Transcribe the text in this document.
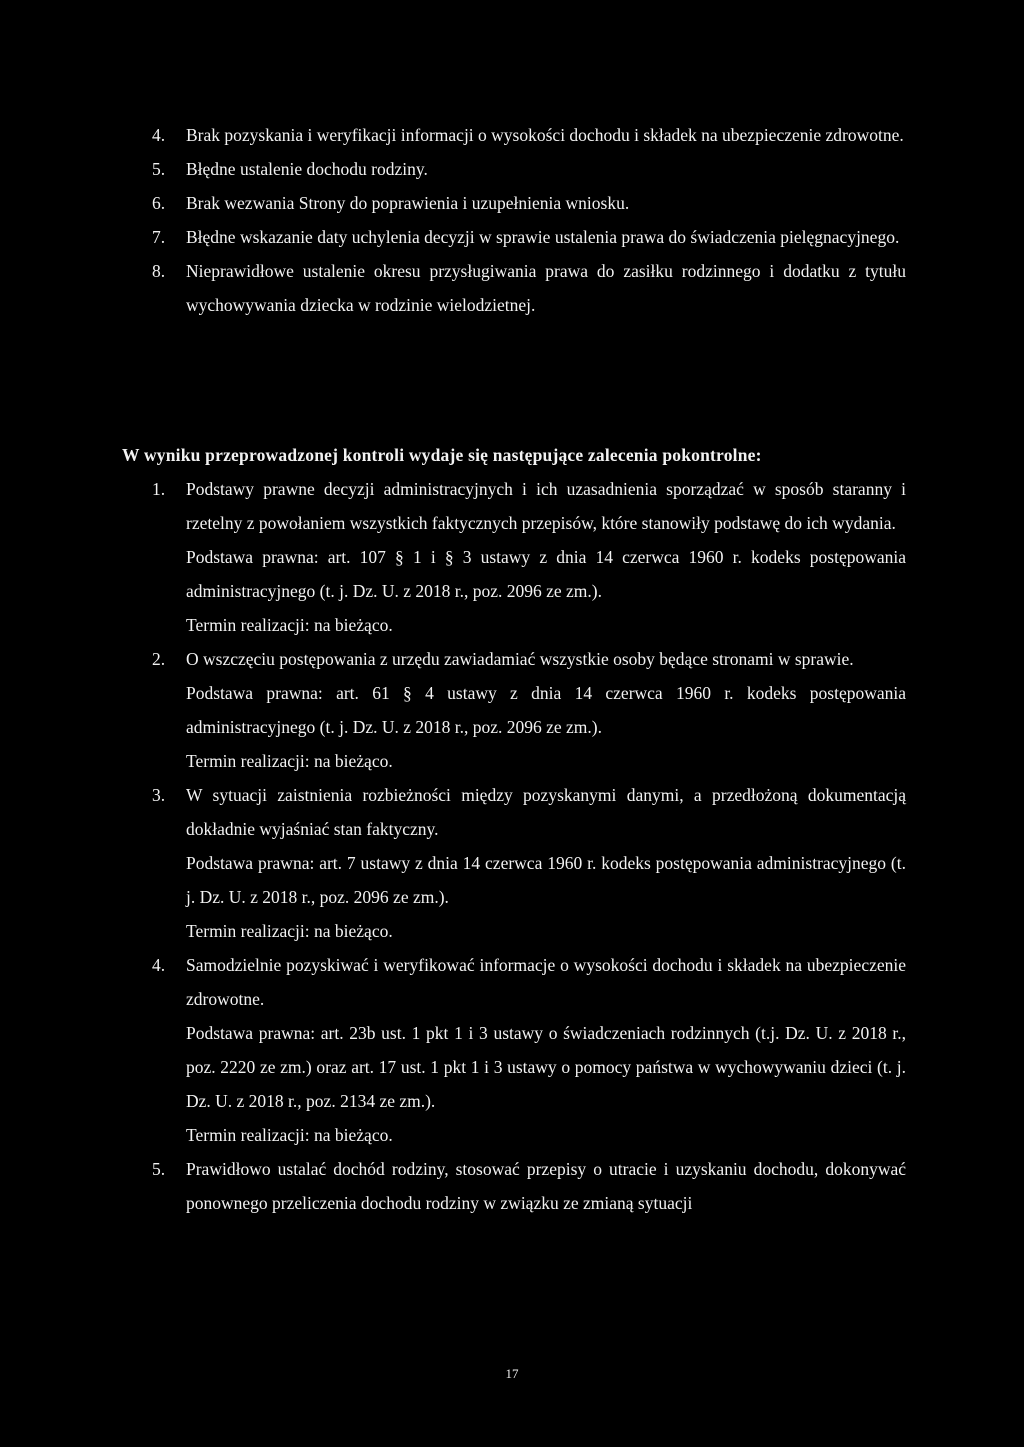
4. Brak pozyskania i weryfikacji informacji o wysokości dochodu i składek na ubezpieczenie zdrowotne.
5. Błędne ustalenie dochodu rodziny.
6. Brak wezwania Strony do poprawienia i uzupełnienia wniosku.
7. Błędne wskazanie daty uchylenia decyzji w sprawie ustalenia prawa do świadczenia pielęgnacyjnego.
8. Nieprawidłowe ustalenie okresu przysługiwania prawa do zasiłku rodzinnego i dodatku z tytułu wychowywania dziecka w rodzinie wielodzietnej.
W wyniku przeprowadzonej kontroli wydaje się następujące zalecenia pokontrolne:
1. Podstawy prawne decyzji administracyjnych i ich uzasadnienia sporządzać w sposób staranny i rzetelny z powołaniem wszystkich faktycznych przepisów, które stanowiły podstawę do ich wydania.
Podstawa prawna: art. 107 § 1 i § 3 ustawy z dnia 14 czerwca 1960 r. kodeks postępowania administracyjnego (t. j. Dz. U. z 2018 r., poz. 2096 ze zm.).
Termin realizacji: na bieżąco.
2. O wszczęciu postępowania z urzędu zawiadamiać wszystkie osoby będące stronami w sprawie.
Podstawa prawna: art. 61 § 4 ustawy z dnia 14 czerwca 1960 r. kodeks postępowania administracyjnego (t. j. Dz. U. z 2018 r., poz. 2096 ze zm.).
Termin realizacji: na bieżąco.
3. W sytuacji zaistnienia rozbieżności między pozyskanymi danymi, a przedłożoną dokumentacją dokładnie wyjaśniać stan faktyczny.
Podstawa prawna: art. 7 ustawy z dnia 14 czerwca 1960 r. kodeks postępowania administracyjnego (t. j. Dz. U. z 2018 r., poz. 2096 ze zm.).
Termin realizacji: na bieżąco.
4. Samodzielnie pozyskiwać i weryfikować informacje o wysokości dochodu i składek na ubezpieczenie zdrowotne.
Podstawa prawna: art. 23b ust. 1 pkt 1 i 3 ustawy o świadczeniach rodzinnych (t.j. Dz. U. z 2018 r., poz. 2220 ze zm.) oraz art. 17 ust. 1 pkt 1 i 3 ustawy o pomocy państwa w wychowywaniu dzieci (t. j. Dz. U. z 2018 r., poz. 2134 ze zm.).
Termin realizacji: na bieżąco.
5. Prawidłowo ustalać dochód rodziny, stosować przepisy o utracie i uzyskaniu dochodu, dokonywać ponownego przeliczenia dochodu rodziny w związku ze zmianą sytuacji
17
